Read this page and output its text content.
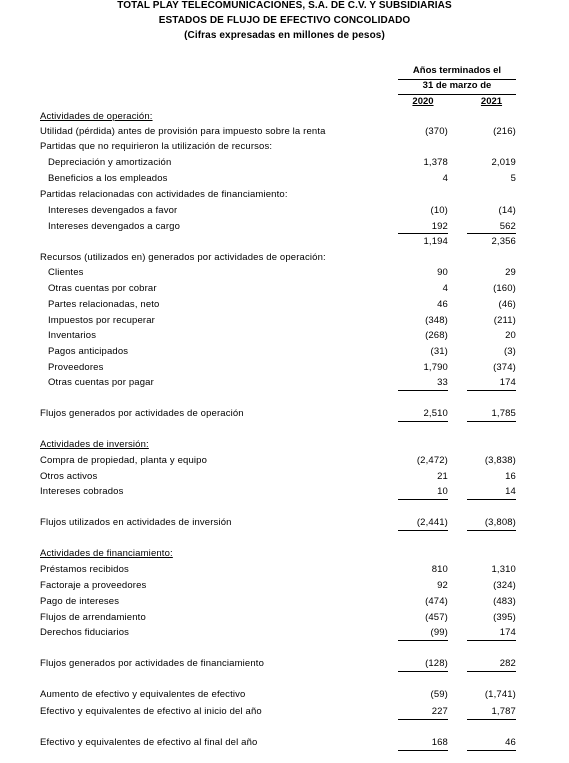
TOTAL PLAY TELECOMUNICACIONES, S.A. DE C.V. Y SUBSIDIARIAS
ESTADOS DE FLUJO DE EFECTIVO CONCOLIDADO
(Cifras expresadas en millones de pesos)
Años terminados el
31 de marzo de
2020	2021
Actividades de operación:
Utilidad (pérdida) antes de provisión para impuesto sobre la renta	(370)	(216)
Partidas que no requirieron la utilización de recursos:
Depreciación y amortización	1,378	2,019
Beneficios a los empleados	4	5
Partidas relacionadas con actividades de financiamiento:
Intereses devengados a favor	(10)	(14)
Intereses devengados a cargo	192	562
1,194	2,356
Recursos (utilizados en) generados por actividades de operación:
Clientes	90	29
Otras cuentas por cobrar	4	(160)
Partes relacionadas, neto	46	(46)
Impuestos por recuperar	(348)	(211)
Inventarios	(268)	20
Pagos anticipados	(31)	(3)
Proveedores	1,790	(374)
Otras cuentas por pagar	33	174
Flujos generados por actividades de operación	2,510	1,785
Actividades de inversión:
Compra de propiedad, planta y equipo	(2,472)	(3,838)
Otros activos	21	16
Intereses cobrados	10	14
Flujos utilizados en actividades de inversión	(2,441)	(3,808)
Actividades de financiamiento:
Préstamos recibidos	810	1,310
Factoraje a proveedores	92	(324)
Pago de intereses	(474)	(483)
Flujos de arrendamiento	(457)	(395)
Derechos fiduciarios	(99)	174
Flujos generados por actividades de financiamiento	(128)	282
Aumento de efectivo y equivalentes de efectivo	(59)	(1,741)
Efectivo y equivalentes de efectivo al inicio del año	227	1,787
Efectivo y equivalentes de efectivo al final del año	168	46
